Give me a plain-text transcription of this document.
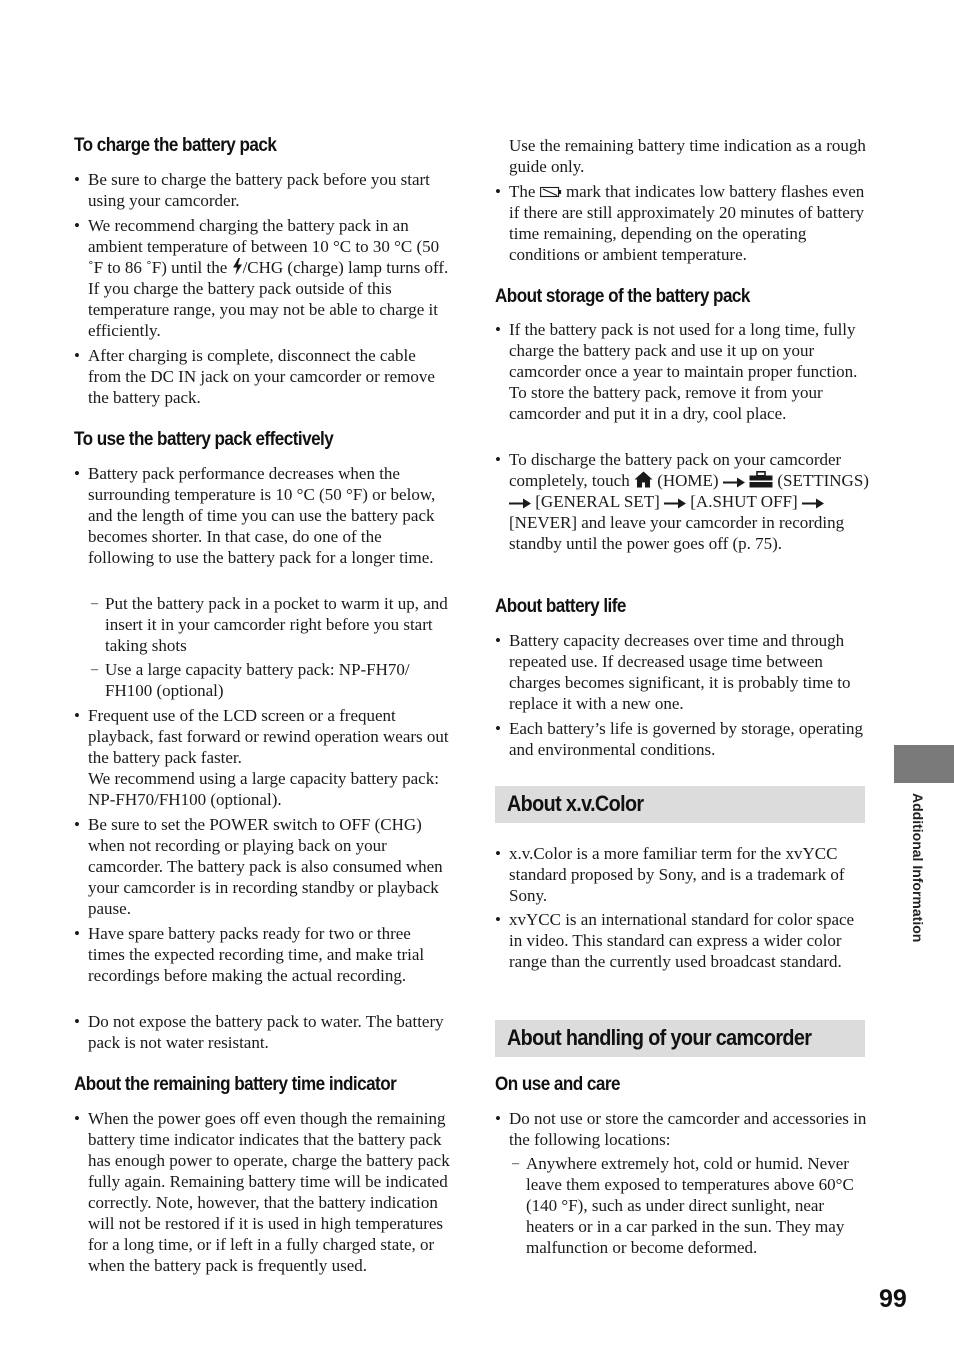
To charge the battery pack

• Be sure to charge the battery pack before you start using your camcorder.

• We recommend charging the battery pack in an ambient temperature of between 10 °C to 30 °C (50 ˚F to 86 ˚F) until the /CHG (charge) lamp turns off. If you charge the battery pack outside of this temperature range, you may not be able to charge it efficiently.

• After charging is complete, disconnect the cable from the DC IN jack on your camcorder or remove the battery pack.

To use the battery pack effectively

• Battery pack performance decreases when the surrounding temperature is 10 °C (50 °F) or below, and the length of time you can use the battery pack becomes shorter. In that case, do one of the following to use the battery pack for a longer time.

– Put the battery pack in a pocket to warm it up, and insert it in your camcorder right before you start taking shots

– Use a large capacity battery pack: NP-FH70/ FH100 (optional)

• Frequent use of the LCD screen or a frequent playback, fast forward or rewind operation wears out the battery pack faster.

We recommend using a large capacity battery pack: NP-FH70/FH100 (optional).

• Be sure to set the POWER switch to OFF (CHG) when not recording or playing back on your camcorder. The battery pack is also consumed when your camcorder is in recording standby or playback pause.

• Have spare battery packs ready for two or three times the expected recording time, and make trial recordings before making the actual recording.

• Do not expose the battery pack to water. The battery pack is not water resistant.

About the remaining battery time indicator

• When the power goes off even though the remaining battery time indicator indicates that the battery pack has enough power to operate, charge the battery pack fully again. Remaining battery time will be indicated correctly. Note, however, that the battery indication will not be restored if it is used in high temperatures for a long time, or if left in a fully charged state, or when the battery pack is frequently used.

Use the remaining battery time indication as a rough guide only.

• The  mark that indicates low battery flashes even if there are still approximately 20 minutes of battery time remaining, depending on the operating conditions or ambient temperature.

About storage of the battery pack

• If the battery pack is not used for a long time, fully charge the battery pack and use it up on your camcorder once a year to maintain proper function. To store the battery pack, remove it from your camcorder and put it in a dry, cool place.

• To discharge the battery pack on your camcorder completely, touch  (HOME)	(SETTINGS)  [GENERAL SET]  [A.SHUT OFF]  [NEVER] and leave your camcorder in recording standby until the power goes off (p. 75).

About battery life

• Battery capacity decreases over time and through repeated use. If decreased usage time between charges becomes significant, it is probably time to replace it with a new one.

• Each battery’s life is governed by storage, operating and environmental conditions.

About x.v.Color

• x.v.Color is a more familiar term for the xvYCC standard proposed by Sony, and is a trademark of Sony.

• xvYCC is an international standard for color space in video. This standard can express a wider color range than the currently used broadcast standard.

About handling of your camcorder
On use and care

• Do not use or store the camcorder and accessories in the following locations:

– Anywhere extremely hot, cold or humid. Never leave them exposed to temperatures above 60°C (140 °F), such as under direct sunlight, near heaters or in a car parked in the sun. They may malfunction or become deformed.

Additional Information
99
